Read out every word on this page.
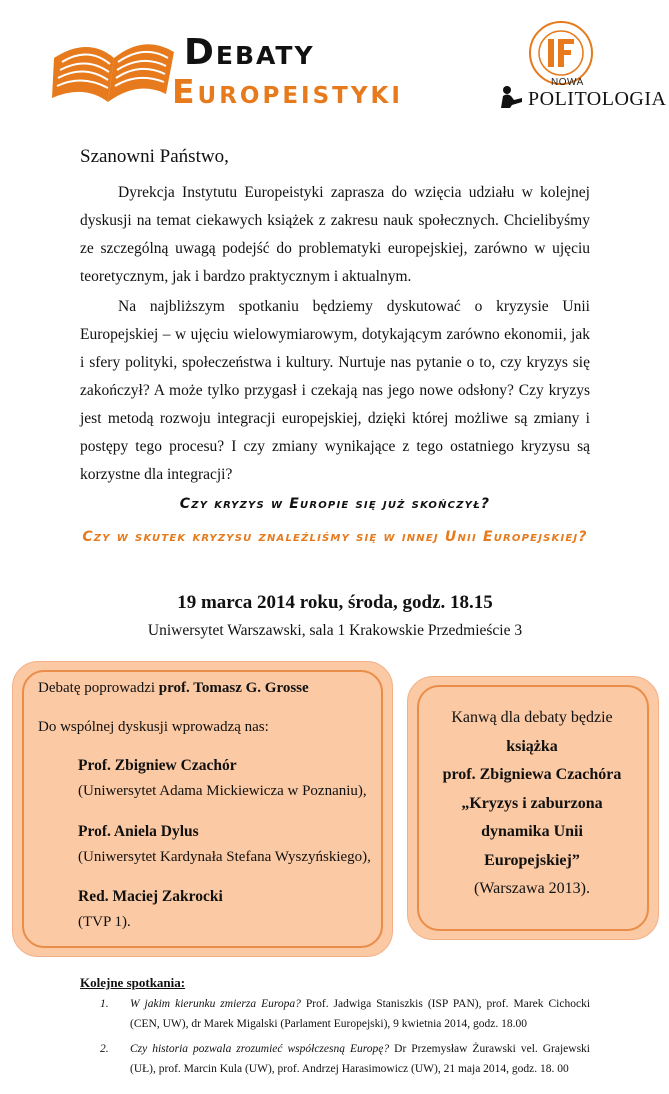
Debaty
Europeistyki	NOWA
POLITOLOGIA
Szanowni Państwo,

Dyrekcja Instytutu Europeistyki zaprasza do wzięcia udziału w kolejnej dyskusji na temat ciekawych książek z zakresu nauk społecznych. Chcielibyśmy ze szczególną uwagą podejść do problematyki europejskiej, zarówno w ujęciu teoretycznym, jak i bardzo praktycznym i aktualnym.

Na najbliższym spotkaniu będziemy dyskutować o kryzysie Unii Europejskiej – w ujęciu wielowymiarowym, dotykającym zarówno ekonomii, jak i sfery polityki, społeczeństwa i kultury. Nurtuje nas pytanie o to, czy kryzys się zakończył? A może tylko przygasł i czekają nas jego nowe odsłony? Czy kryzys jest metodą rozwoju integracji europejskiej, dzięki której możliwe są zmiany i postępy tego procesu? I czy zmiany wynikające z tego ostatniego kryzysu są korzystne dla integracji?

Czy kryzys w Europie się już skończył?
Czy w skutek kryzysu znaleźliśmy się w innej Unii Europejskiej?
19 marca 2014 roku, środa, godz. 18.15
Uniwersytet Warszawski, sala 1 Krakowskie Przedmieście 3
Debatę poprowadzi prof. Tomasz G. Grosse
Do wspólnej dyskusji wprowadzą nas:
Prof. Zbigniew Czachór
(Uniwersytet Adama Mickiewicza w Poznaniu),
Prof. Aniela Dylus
(Uniwersytet Kardynała Stefana Wyszyńskiego),
Red. Maciej Zakrocki
(TVP 1).
Kanwą dla debaty będzie
książka
prof. Zbigniewa Czachóra
„Kryzys i zaburzona
dynamika Unii
Europejskiej”
(Warszawa 2013).
Kolejne spotkania:
1. W jakim kierunku zmierza Europa? Prof. Jadwiga Staniszkis (ISP PAN), prof. Marek Cichocki (CEN, UW), dr Marek Migalski (Parlament Europejski), 9 kwietnia 2014, godz. 18.00
2. Czy historia pozwala zrozumieć współczesną Europę? Dr Przemysław Żurawski vel. Grajewski (UŁ), prof. Marcin Kula (UW), prof. Andrzej Harasimowicz (UW), 21 maja 2014, godz. 18. 00
